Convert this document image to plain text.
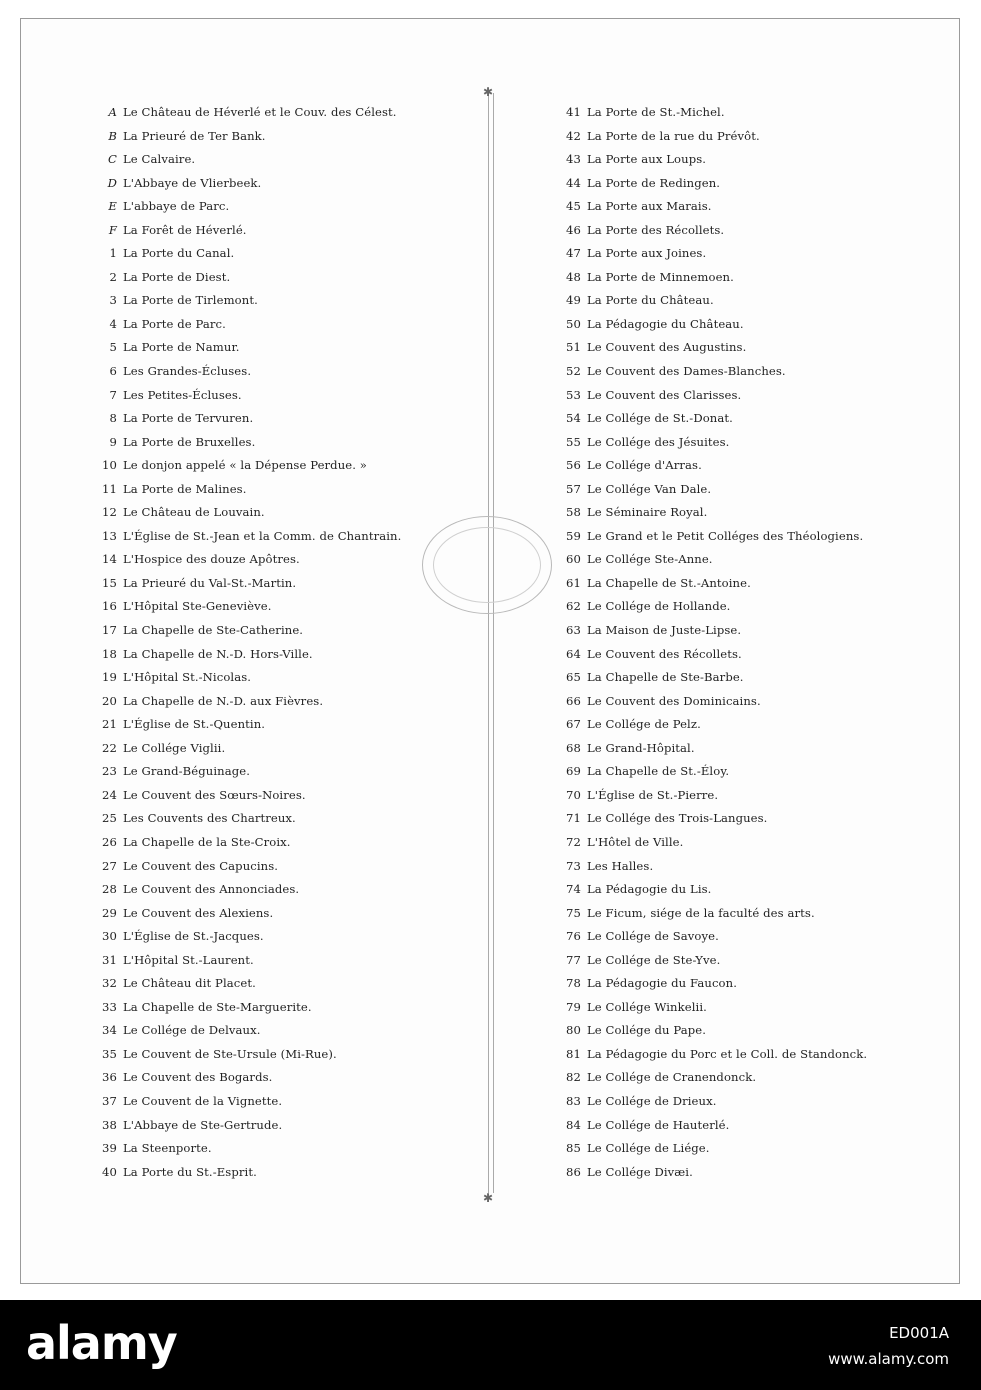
A Le Château de Héverlé et le Couv. des Célest.
B La Prieuré de Ter Bank.
C Le Calvaire.
D L'Abbaye de Vlierbeek.
E L'abbaye de Parc.
F La Forêt de Héverlé.
1 La Porte du Canal.
2 La Porte de Diest.
3 La Porte de Tirlemont.
4 La Porte de Parc.
5 La Porte de Namur.
6 Les Grandes-Écluses.
7 Les Petites-Écluses.
8 La Porte de Tervuren.
9 La Porte de Bruxelles.
10 Le donjon appelé « la Dépense Perdue. »
11 La Porte de Malines.
12 Le Château de Louvain.
13 L'Église de St.-Jean et la Comm. de Chantrain.
14 L'Hospice des douze Apôtres.
15 La Prieuré du Val-St.-Martin.
16 L'Hôpital Ste-Geneviève.
17 La Chapelle de Ste-Catherine.
18 La Chapelle de N.-D. Hors-Ville.
19 L'Hôpital St.-Nicolas.
20 La Chapelle de N.-D. aux Fièvres.
21 L'Église de St.-Quentin.
22 Le Collége Viglii.
23 Le Grand-Béguinage.
24 Le Couvent des Sœurs-Noires.
25 Les Couvents des Chartreux.
26 La Chapelle de la Ste-Croix.
27 Le Couvent des Capucins.
28 Le Couvent des Annonciades.
29 Le Couvent des Alexiens.
30 L'Église de St.-Jacques.
31 L'Hôpital St.-Laurent.
32 Le Château dit Placet.
33 La Chapelle de Ste-Marguerite.
34 Le Collége de Delvaux.
35 Le Couvent de Ste-Ursule (Mi-Rue).
36 Le Couvent des Bogards.
37 Le Couvent de la Vignette.
38 L'Abbaye de Ste-Gertrude.
39 La Steenporte.
40 La Porte du St.-Esprit.
✱
✱
41 La Porte de St.-Michel.
42 La Porte de la rue du Prévôt.
43 La Porte aux Loups.
44 La Porte de Redingen.
45 La Porte aux Marais.
46 La Porte des Récollets.
47 La Porte aux Joines.
48 La Porte de Minnemoen.
49 La Porte du Château.
50 La Pédagogie du Château.
51 Le Couvent des Augustins.
52 Le Couvent des Dames-Blanches.
53 Le Couvent des Clarisses.
54 Le Collége de St.-Donat.
55 Le Collége des Jésuites.
56 Le Collége d'Arras.
57 Le Collége Van Dale.
58 Le Séminaire Royal.
59 Le Grand et le Petit Colléges des Théologiens.
60 Le Collége Ste-Anne.
61 La Chapelle de St.-Antoine.
62 Le Collége de Hollande.
63 La Maison de Juste-Lipse.
64 Le Couvent des Récollets.
65 La Chapelle de Ste-Barbe.
66 Le Couvent des Dominicains.
67 Le Collége de Pelz.
68 Le Grand-Hôpital.
69 La Chapelle de St.-Éloy.
70 L'Église de St.-Pierre.
71 Le Collége des Trois-Langues.
72 L'Hôtel de Ville.
73 Les Halles.
74 La Pédagogie du Lis.
75 Le Ficum, siége de la faculté des arts.
76 Le Collége de Savoye.
77 Le Collége de Ste-Yve.
78 La Pédagogie du Faucon.
79 Le Collége Winkelii.
80 Le Collége du Pape.
81 La Pédagogie du Porc et le Coll. de Standonck.
82 Le Collége de Cranendonck.
83 Le Collége de Drieux.
84 Le Collége de Hauterlé.
85 Le Collége de Liége.
86 Le Collége Divæi.
alamy	ED001A
www.alamy.com
